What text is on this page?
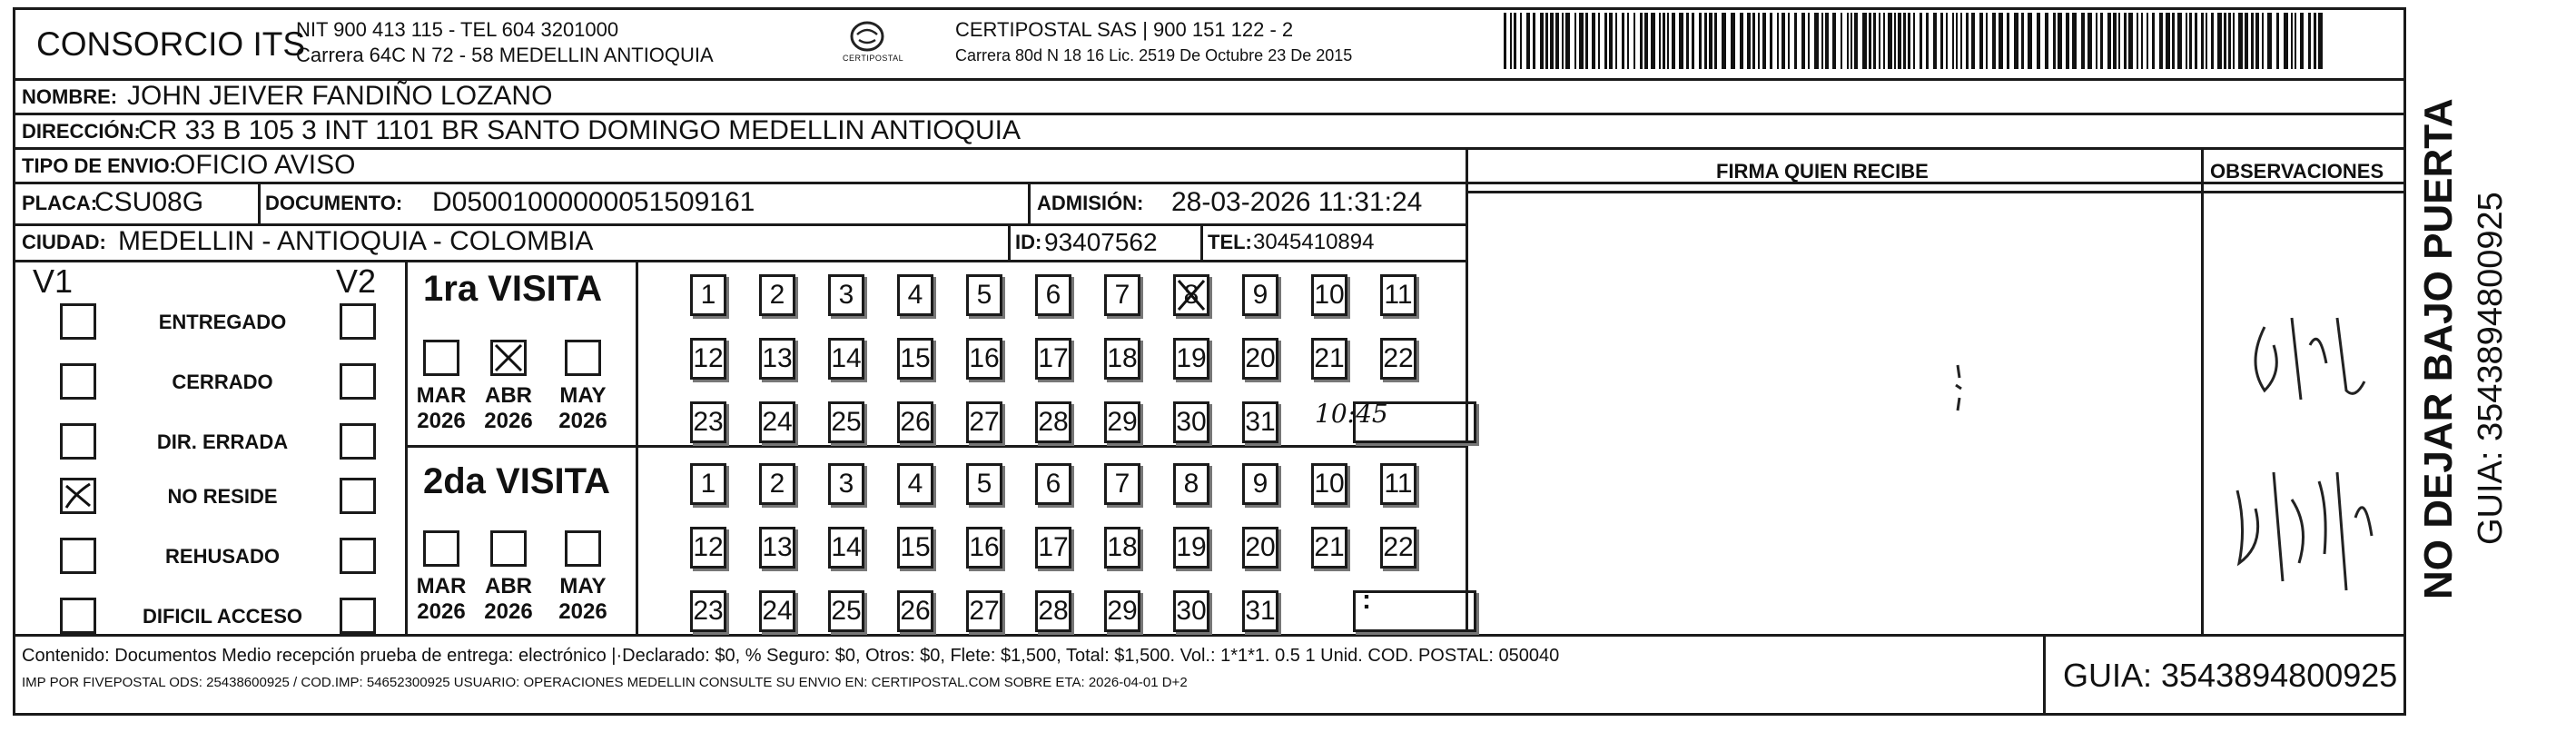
CONSORCIO ITS
NIT 900 413 115 - TEL 604 3201000
Carrera 64C N 72 - 58 MEDELLIN ANTIOQUIA	CERTIPOSTAL
CERTIPOSTAL SAS | 900 151 122 - 2
Carrera 80d N 18 16 Lic. 2519 De Octubre 23 De 2015
NOMBRE: JOHN JEIVER FANDIÑO LOZANO
DIRECCIÓN:
CR 33 B 105 3 INT 1101 BR SANTO DOMINGO MEDELLIN ANTIOQUIA
TIPO DE ENVIO:
OFICIO AVISO	FIRMA QUIEN RECIBE	OBSERVACIONES
PLACA:
CSU08G	DOCUMENTO: D05001000000051509161	ADMISIÓN: 28-03-2026 11:31:24
CIUDAD: MEDELLIN - ANTIOQUIA - COLOMBIA	ID: 93407562	TEL: 3045410894
V1	V2
ENTREGADO
CERRADO
DIR. ERRADA
NO RESIDE
REHUSADO
DIFICIL ACCESO
1ra VISITA
2da VISITA
MAR
2026
ABR
2026
MAY
2026
MAR
2026
ABR
2026
MAY
2026
1	2	3	4	5	6	7	8	9	10 11
12 13 14 15 16 17 18 19 20 21 22
23 24 25 26 27 28 29 30 31
1	2	3	4	5	6	7	8	9	10 11
12 13 14 15 16 17 18 19 20 21 22
23 24 25 26 27 28 29 30 31
10:45
:
Contenido: Documentos Medio recepción prueba de entrega: electrónico |·Declarado: $0, % Seguro: $0, Otros: $0, Flete: $1,500, Total: $1,500. Vol.: 1*1*1. 0.5 1 Unid. COD. POSTAL: 050040
IMP POR FIVEPOSTAL ODS: 25438600925 / COD.IMP: 54652300925 USUARIO: OPERACIONES MEDELLIN CONSULTE SU ENVIO EN: CERTIPOSTAL.COM SOBRE ETA: 2026-04-01 D+2	GUIA: 3543894800925
NO DEJAR BAJO PUERTA GUIA: 3543894800925
